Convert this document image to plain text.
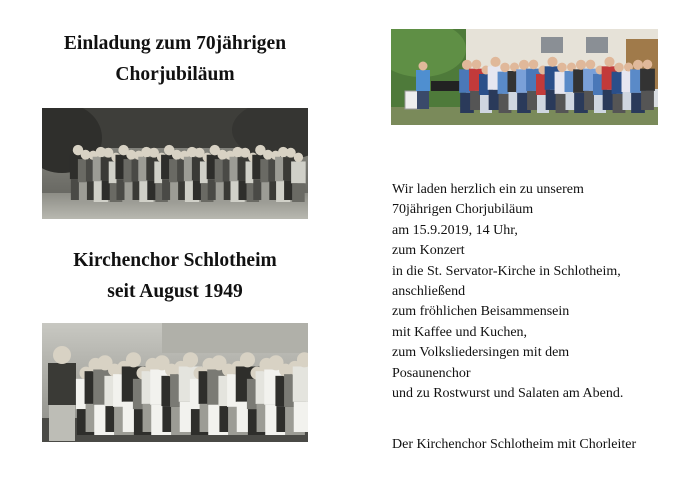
Einladung zum 70jährigen
Chorjubiläum
Kirchenchor Schlotheim
seit August 1949
Wir laden herzlich ein zu unserem
70jährigen Chorjubiläum
am 15.9.2019, 14 Uhr,
zum Konzert
in die St. Servator-Kirche in Schlotheim,
anschließend
zum fröhlichen Beisammensein
mit Kaffee und Kuchen,
zum Volksliedersingen mit dem
Posaunenchor
und zu Rostwurst und Salaten am Abend.
Der Kirchenchor Schlotheim mit Chorleiter
